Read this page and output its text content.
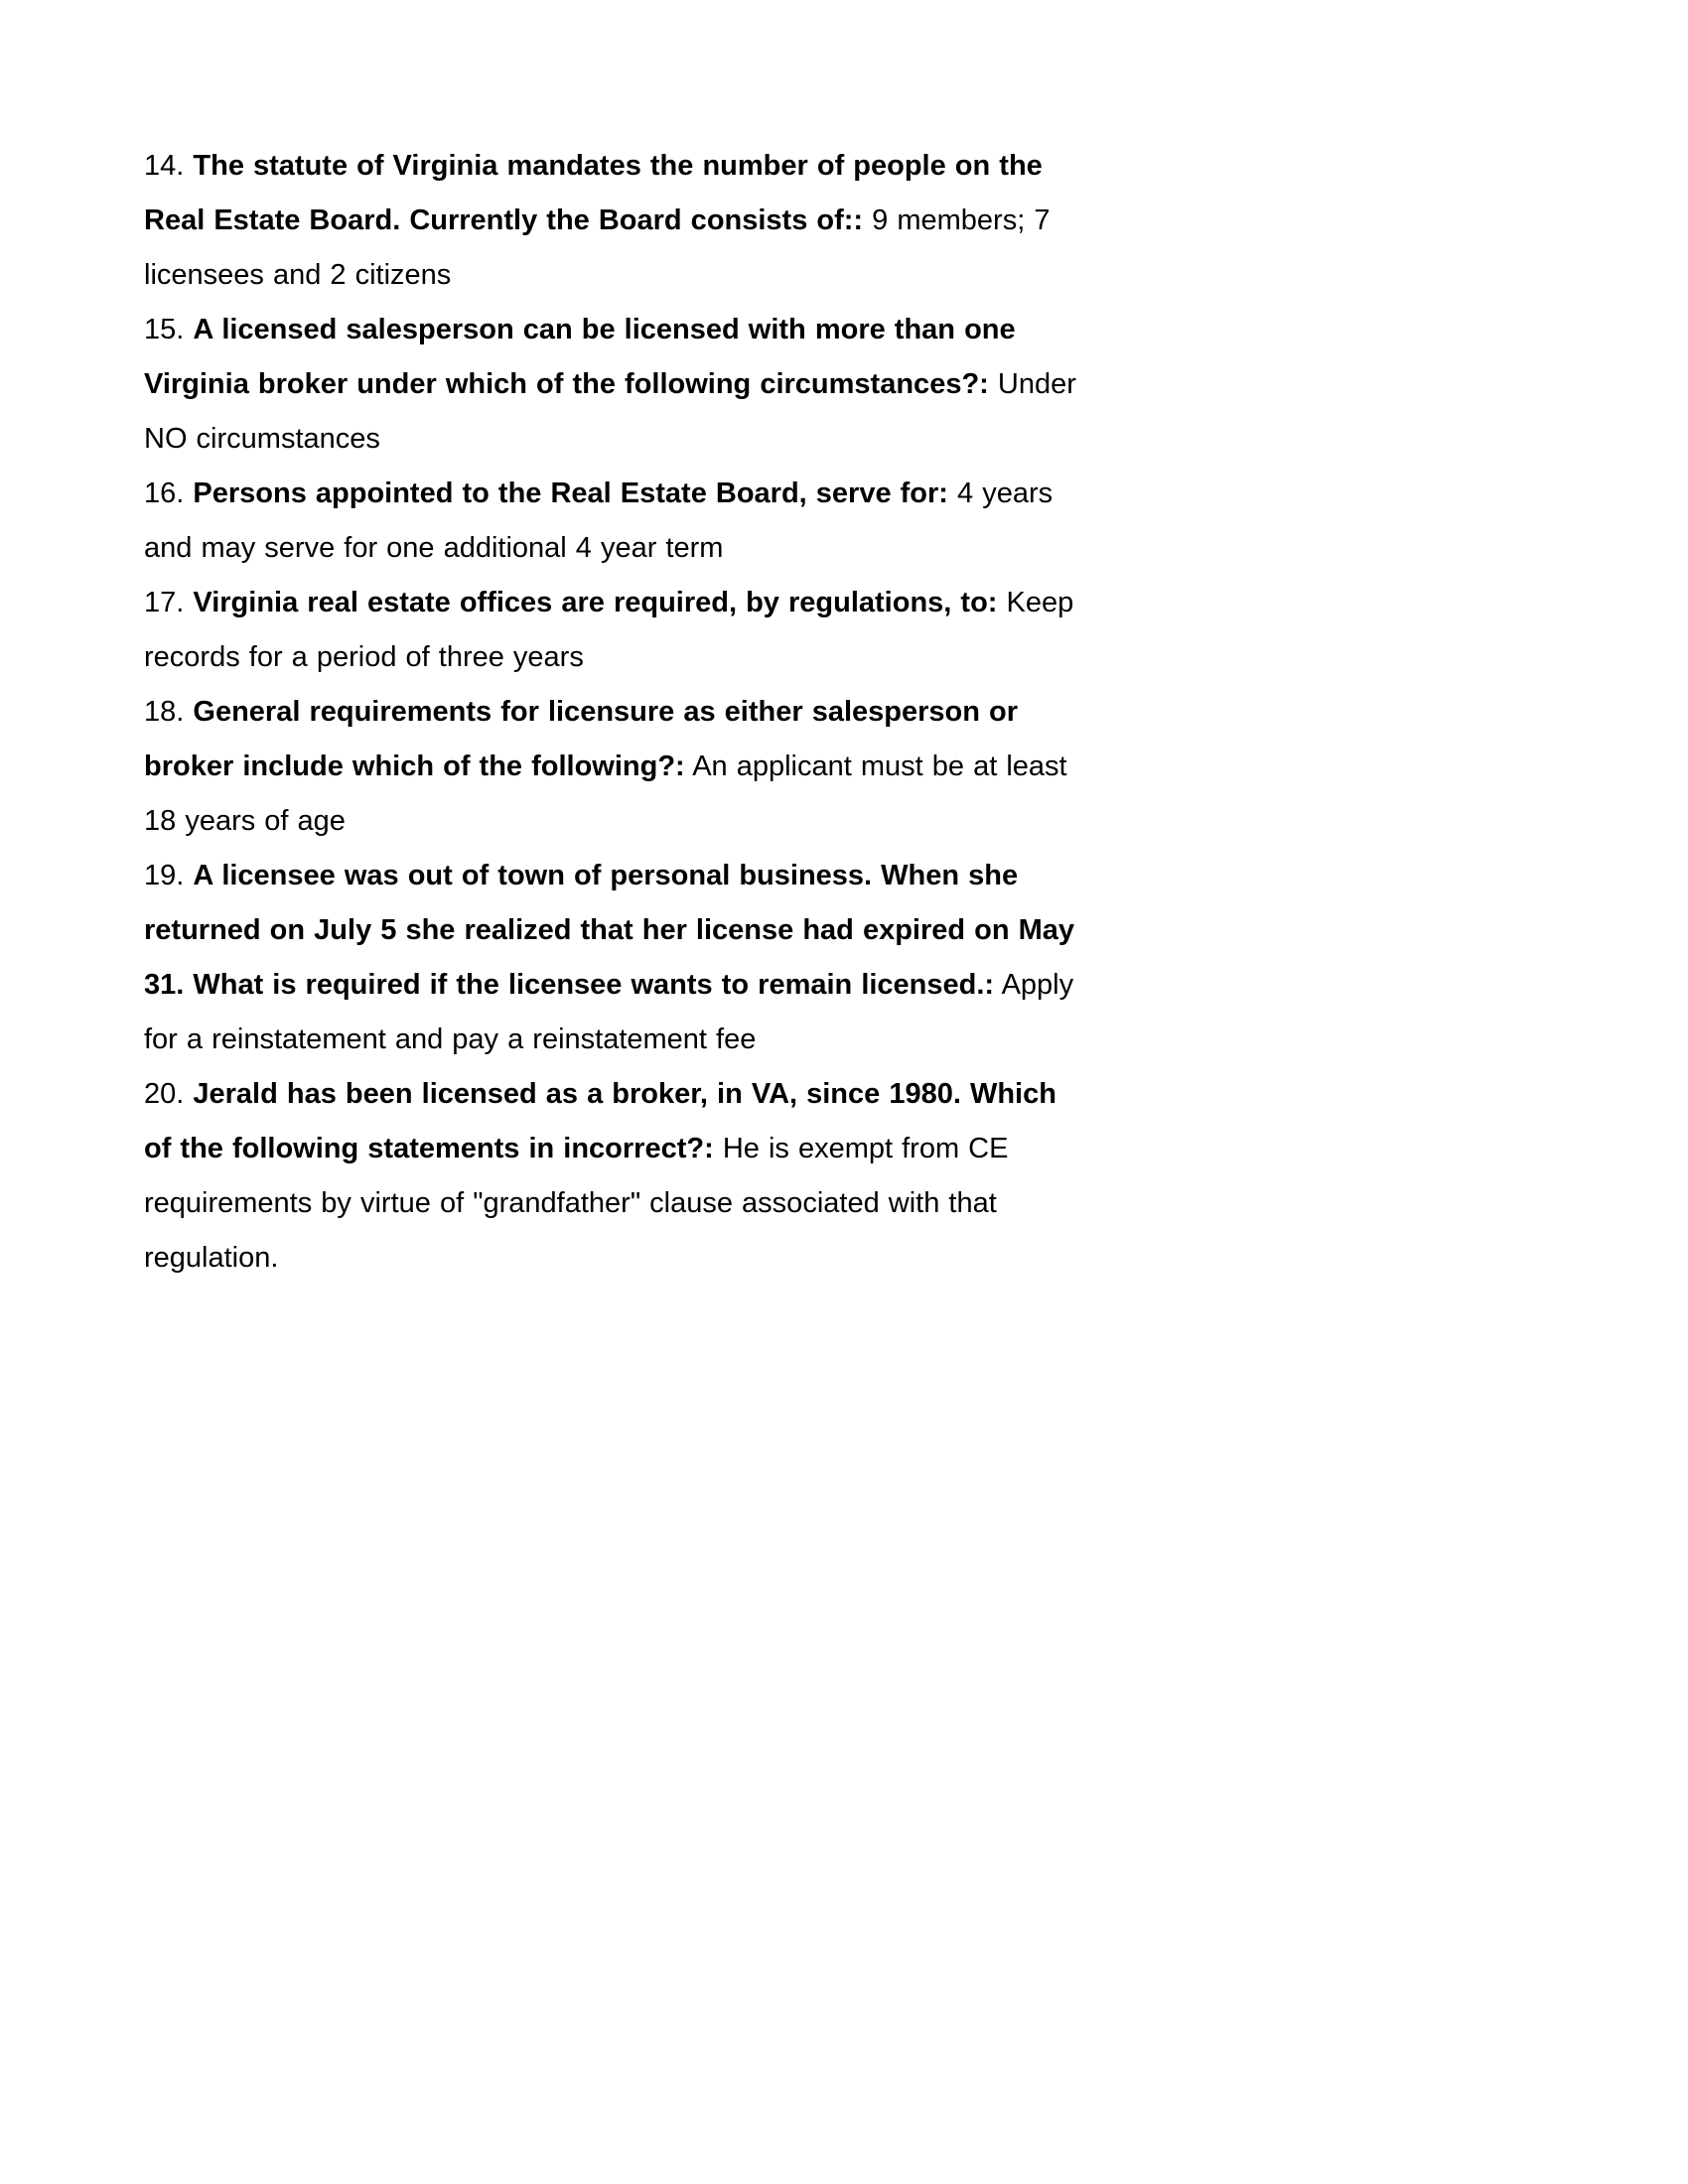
14. The statute of Virginia mandates the number of people on the Real Estate Board. Currently the Board consists of:: 9 members; 7 licensees and 2 citizens

15. A licensed salesperson can be licensed with more than one Virginia broker under which of the following circumstances?: Under NO circumstances

16. Persons appointed to the Real Estate Board, serve for: 4 years and may serve for one additional 4 year term

17. Virginia real estate offices are required, by regulations, to: Keep records for a period of three years

18. General requirements for licensure as either salesperson or broker include which of the following?: An applicant must be at least 18 years of age

19. A licensee was out of town of personal business. When she returned on July 5 she realized that her license had expired on May 31. What is required if the licensee wants to remain licensed.: Apply for a reinstatement and pay a reinstatement fee

20. Jerald has been licensed as a broker, in VA, since 1980. Which of the following statements in incorrect?: He is exempt from CE requirements by virtue of "grandfather" clause associated with that regulation.
